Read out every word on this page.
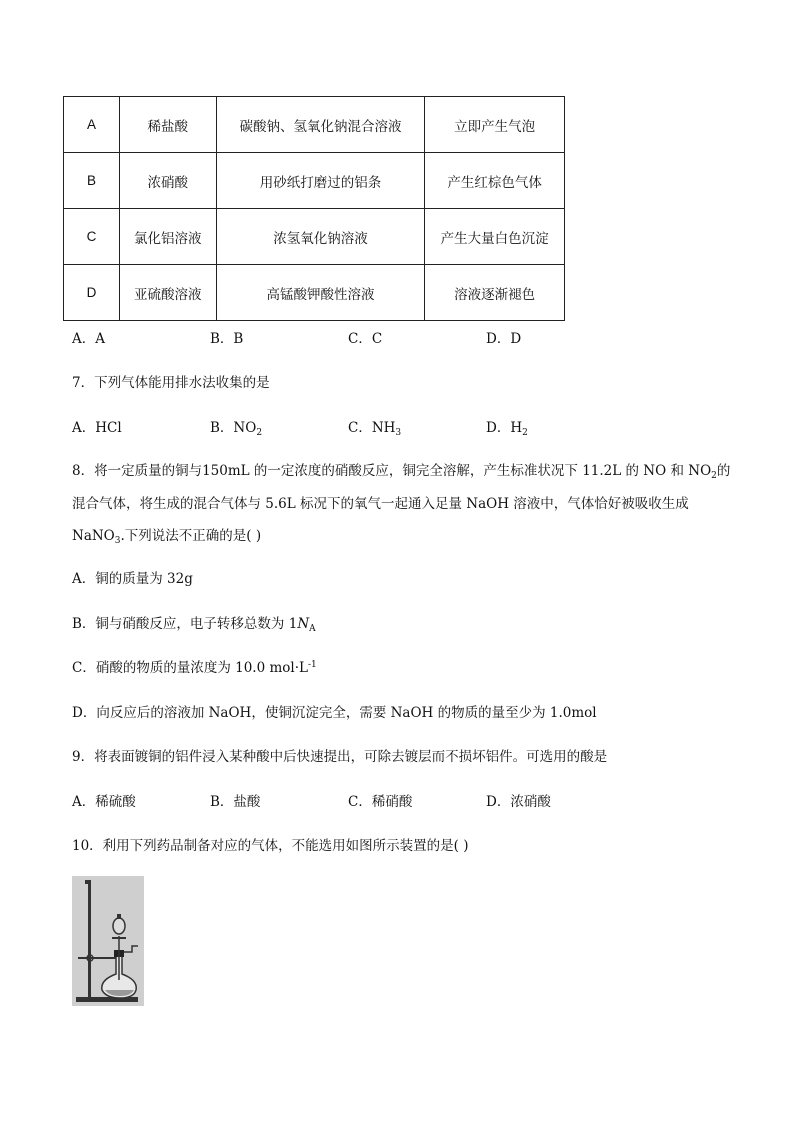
A	稀盐酸	碳酸钠、氢氧化钠混合溶液	立即产生气泡
B	浓硝酸	用砂纸打磨过的铝条	产生红棕色气体
C	氯化铝溶液	浓氢氧化钠溶液	产生大量白色沉淀
D	亚硫酸溶液	高锰酸钾酸性溶液	溶液逐渐褪色
A．A	B．B	C．C	D．D
7．下列气体能用排水法收集的是
A．HCl	B．$NO_2$	C．$NH_3$	D．$H_2$
8．将一定质量的铜与150mL 的一定浓度的硝酸反应，铜完全溶解，产生标准状况下 11.2L 的 NO 和 $NO_2$的
混合气体，将生成的混合气体与 5.6L 标况下的氧气一起通入足量 NaOH 溶液中，气体恰好被吸收生成
NaNO$_3$.下列说法不正确的是( )
A．铜的质量为 32g
B．铜与硝酸反应，电子转移总数为 $1N_A$
C．硝酸的物质的量浓度为 10.0 $mol\cdot L^{-1}$
D．向反应后的溶液加 NaOH，使铜沉淀完全，需要 NaOH 的物质的量至少为 1.0mol
9．将表面镀铜的铝件浸入某种酸中后快速提出，可除去镀层而不损坏铝件。可选用的酸是
A．稀硫酸	B．盐酸	C．稀硝酸	D．浓硝酸
10．利用下列药品制备对应的气体，不能选用如图所示装置的是( )
